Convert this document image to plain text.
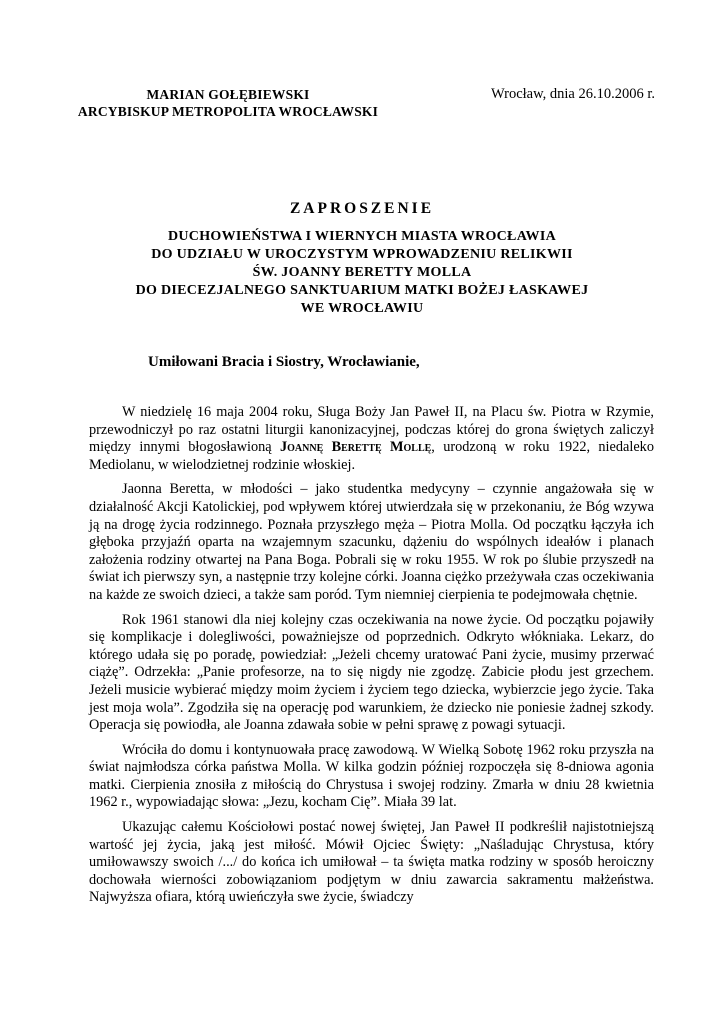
MARIAN GOŁĘBIEWSKI
ARCYBISKUP METROPOLITA WROCŁAWSKI
Wrocław, dnia 26.10.2006 r.
ZAPROSZENIE
DUCHOWIEŃSTWA I WIERNYCH MIASTA WROCŁAWIA
DO UDZIAŁU W UROCZYSTYM WPROWADZENIU RELIKWII
ŚW. JOANNY BERETTY MOLLA
DO DIECEZJALNEGO SANKTUARIUM MATKI BOŻEJ ŁASKAWEJ
WE WROCŁAWIU
Umiłowani Bracia i Siostry, Wrocławianie,

W niedzielę 16 maja 2004 roku, Sługa Boży Jan Paweł II, na Placu św. Piotra w Rzymie, przewodniczył po raz ostatni liturgii kanonizacyjnej, podczas której do grona świętych zaliczył między innymi błogosławioną Joannę Berettę Mollę, urodzoną w roku 1922, niedaleko Mediolanu, w wielodzietnej rodzinie włoskiej.

Jaonna Beretta, w młodości – jako studentka medycyny – czynnie angażowała się w działalność Akcji Katolickiej, pod wpływem której utwierdzała się w przekonaniu, że Bóg wzywa ją na drogę życia rodzinnego. Poznała przyszłego męża – Piotra Molla. Od początku łączyła ich głęboka przyjaźń oparta na wzajemnym szacunku, dążeniu do wspólnych ideałów i planach założenia rodziny otwartej na Pana Boga. Pobrali się w roku 1955. W rok po ślubie przyszedł na świat ich pierwszy syn, a następnie trzy kolejne córki. Joanna ciężko przeżywała czas oczekiwania na każde ze swoich dzieci, a także sam poród. Tym niemniej cierpienia te podejmowała chętnie.

Rok 1961 stanowi dla niej kolejny czas oczekiwania na nowe życie. Od początku pojawiły się komplikacje i dolegliwości, poważniejsze od poprzednich. Odkryto włókniaka. Lekarz, do którego udała się po poradę, powiedział: „Jeżeli chcemy uratować Pani życie, musimy przerwać ciążę”. Odrzekła: „Panie profesorze, na to się nigdy nie zgodzę. Zabicie płodu jest grzechem. Jeżeli musicie wybierać między moim życiem i życiem tego dziecka, wybierzcie jego życie. Taka jest moja wola”. Zgodziła się na operację pod warunkiem, że dziecko nie poniesie żadnej szkody. Operacja się powiodła, ale Joanna zdawała sobie w pełni sprawę z powagi sytuacji.

Wróciła do domu i kontynuowała pracę zawodową. W Wielką Sobotę 1962 roku przyszła na świat najmłodsza córka państwa Molla. W kilka godzin później rozpoczęła się 8-dniowa agonia matki. Cierpienia znosiła z miłością do Chrystusa i swojej rodziny. Zmarła w dniu 28 kwietnia 1962 r., wypowiadając słowa: „Jezu, kocham Cię”. Miała 39 lat.

Ukazując całemu Kościołowi postać nowej świętej, Jan Paweł II podkreślił najistotniejszą wartość jej życia, jaką jest miłość. Mówił Ojciec Święty: „Naśladując Chrystusa, który umiłowawszy swoich /.../ do końca ich umiłował – ta święta matka rodziny w sposób heroiczny dochowała wierności zobowiązaniom podjętym w dniu zawarcia sakramentu małżeństwa. Najwyższa ofiara, którą uwieńczyła swe życie, świadczy
